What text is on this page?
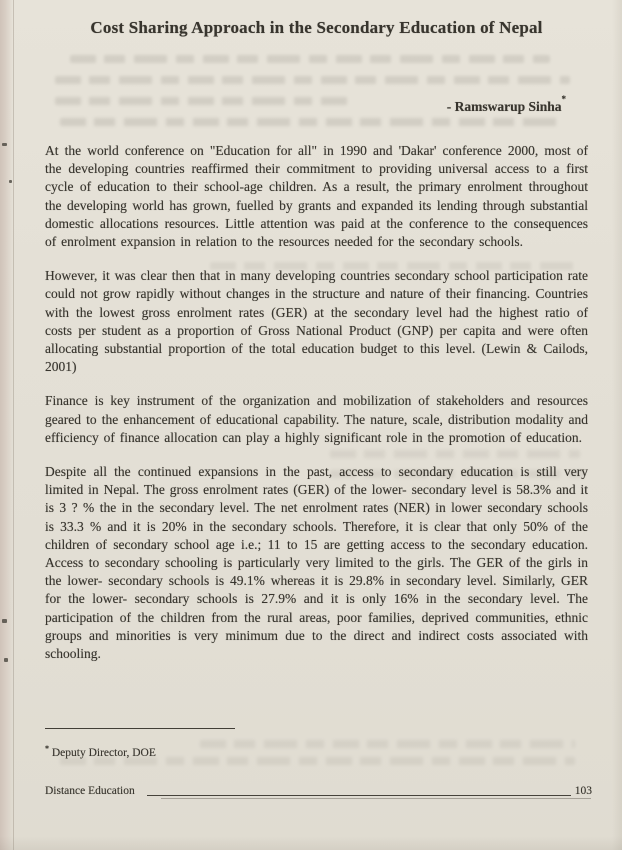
Cost Sharing Approach in the Secondary Education of Nepal
- Ramswarup Sinha*

At the world conference on "Education for all" in 1990 and 'Dakar' conference 2000, most of the developing countries reaffirmed their commitment to providing universal access to a first cycle of education to their school-age children. As a result, the primary enrolment throughout the developing world has grown, fuelled by grants and expanded its lending through substantial domestic allocations resources. Little attention was paid at the conference to the consequences of enrolment expansion in relation to the resources needed for the secondary schools.

However, it was clear then that in many developing countries secondary school participation rate could not grow rapidly without changes in the structure and nature of their financing. Countries with the lowest gross enrolment rates (GER) at the secondary level had the highest ratio of costs per student as a proportion of Gross National Product (GNP) per capita and were often allocating substantial proportion of the total education budget to this level. (Lewin & Cailods, 2001)

Finance is key instrument of the organization and mobilization of stakeholders and resources geared to the enhancement of educational capability. The nature, scale, distribution modality and efficiency of finance allocation can play a highly significant role in the promotion of education.

Despite all the continued expansions in the past, access to secondary education is still very limited in Nepal. The gross enrolment rates (GER) of the lower- secondary level is 58.3% and it is 3 ? % the in the secondary level. The net enrolment rates (NER) in lower secondary schools is 33.3 % and it is 20% in the secondary schools. Therefore, it is clear that only 50% of the children of secondary school age i.e.; 11 to 15 are getting access to the secondary education. Access to secondary schooling is particularly very limited to the girls. The GER of the girls in the lower- secondary schools is 49.1% whereas it is 29.8% in secondary level. Similarly, GER for the lower- secondary schools is 27.9% and it is only 16% in the secondary level. The participation of the children from the rural areas, poor families, deprived communities, ethnic groups and minorities is very minimum due to the direct and indirect costs associated with schooling.

* Deputy Director, DOE
Distance Education	103
